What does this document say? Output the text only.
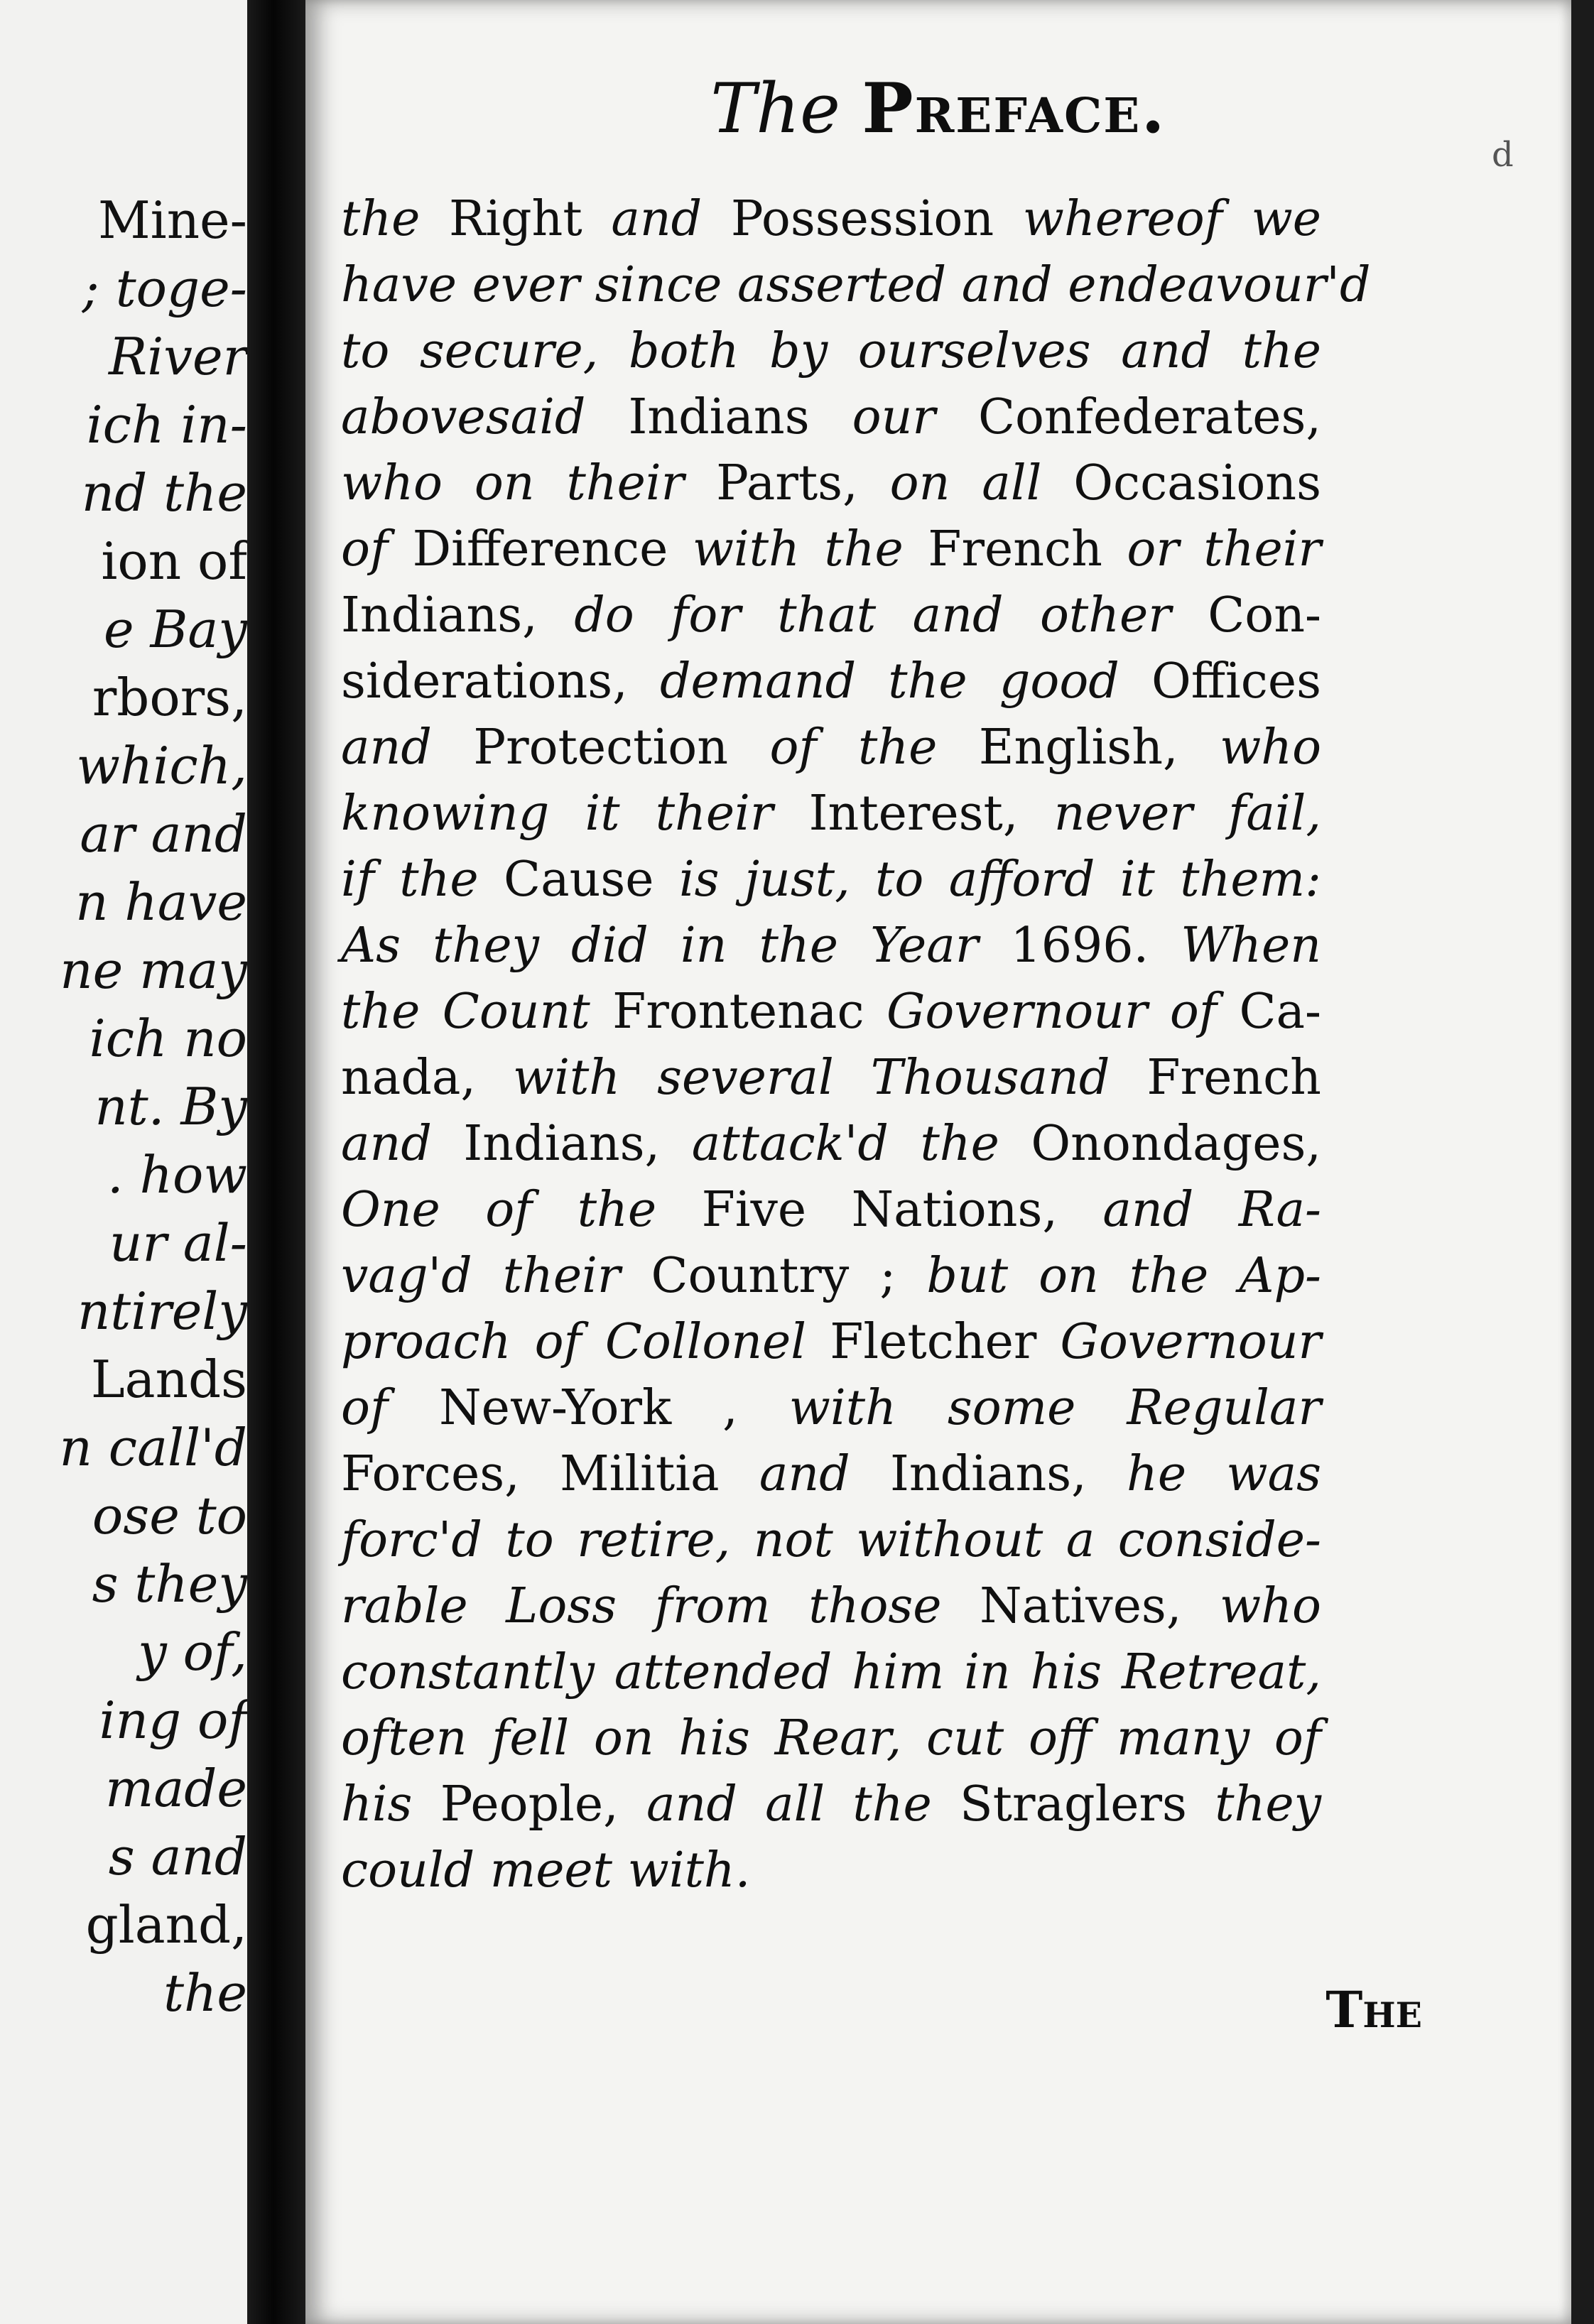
Mine-
; toge-
River
ich in-
nd the
ion of
e Bay
rbors,
which,
ar and
n have
ne may
ich no
nt. By
. how
ur al-
ntirely
Lands
n call'd
ose to
s they
y of,
ing of
made
s and
gland,
the
The Preface.
d
the Right and Possession whereof we
have ever since asserted and endeavour'd
to secure, both by ourselves and the
abovesaid Indians our Confederates,
who on their Parts, on all Occasions
of Difference with the French or their
Indians, do for that and other Con-
siderations, demand the good Offices
and Protection of the English, who
knowing it their Interest, never fail,
if the Cause is just, to afford it them:
As they did in the Year 1696. When
the Count Frontenac Governour of Ca-
nada, with several Thousand French
and Indians, attack'd the Onondages,
One of the Five Nations, and Ra-
vag'd their Country ; but on the Ap-
proach of Collonel Fletcher Governour
of New-York , with some Regular
Forces, Militia and Indians, he was
forc'd to retire, not without a conside-
rable Loss from those Natives, who
constantly attended him in his Retreat,
often fell on his Rear, cut off many of
his People, and all the Straglers they
could meet with.
The
